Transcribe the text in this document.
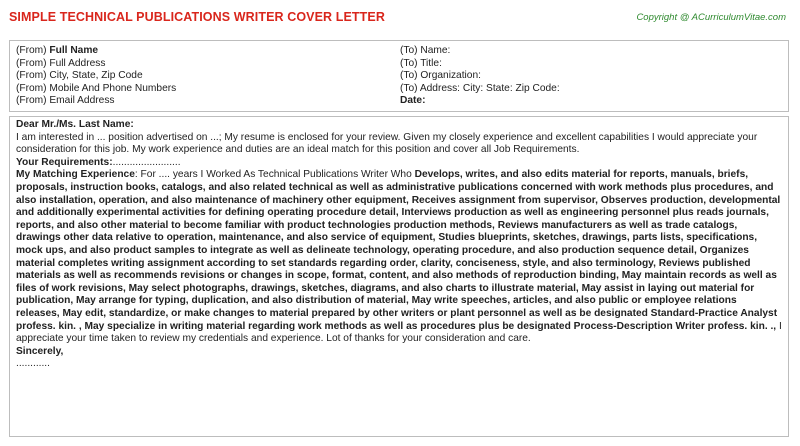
SIMPLE TECHNICAL PUBLICATIONS WRITER COVER LETTER	Copyright @ ACurriculumVitae.com
(From) Full Name
(From) Full Address
(From) City, State, Zip Code
(From) Mobile And Phone Numbers
(From) Email Address
(To) Name:
(To) Title:
(To) Organization:
(To) Address: City: State: Zip Code:
Date:

Dear Mr./Ms. Last Name:

I am interested in ... position advertised on ...; My resume is enclosed for your review. Given my closely experience and excellent capabilities I would appreciate your consideration for this job. My work experience and duties are an ideal match for this position and cover all Job Requirements.

Your Requirements:........................

My Matching Experience: For .... years I Worked As Technical Publications Writer Who Develops, writes, and also edits material for reports, manuals, briefs, proposals, instruction books, catalogs, and also related technical as well as administrative publications concerned with work methods plus procedures, and also installation, operation, and also maintenance of machinery other equipment, Receives assignment from supervisor, Observes production, developmental and additionally experimental activities for defining operating procedure detail, Interviews production as well as engineering personnel plus reads journals, reports, and also other material to become familiar with product technologies production methods, Reviews manufacturers as well as trade catalogs, drawings other data relative to operation, maintenance, and also service of equipment, Studies blueprints, sketches, drawings, parts lists, specifications, mock ups, and also product samples to integrate as well as delineate technology, operating procedure, and also production sequence detail, Organizes material completes writing assignment according to set standards regarding order, clarity, conciseness, style, and also terminology, Reviews published materials as well as recommends revisions or changes in scope, format, content, and also methods of reproduction binding, May maintain records as well as files of work revisions, May select photographs, drawings, sketches, diagrams, and also charts to illustrate material, May assist in laying out material for publication, May arrange for typing, duplication, and also distribution of material, May write speeches, articles, and also public or employee relations releases, May edit, standardize, or make changes to material prepared by other writers or plant personnel as well as be designated Standard-Practice Analyst profess. kin. , May specialize in writing material regarding work methods as well as procedures plus be designated Process-Description Writer profess. kin. ., I appreciate your time taken to review my credentials and experience. Lot of thanks for your consideration and care.

Sincerely,

............
